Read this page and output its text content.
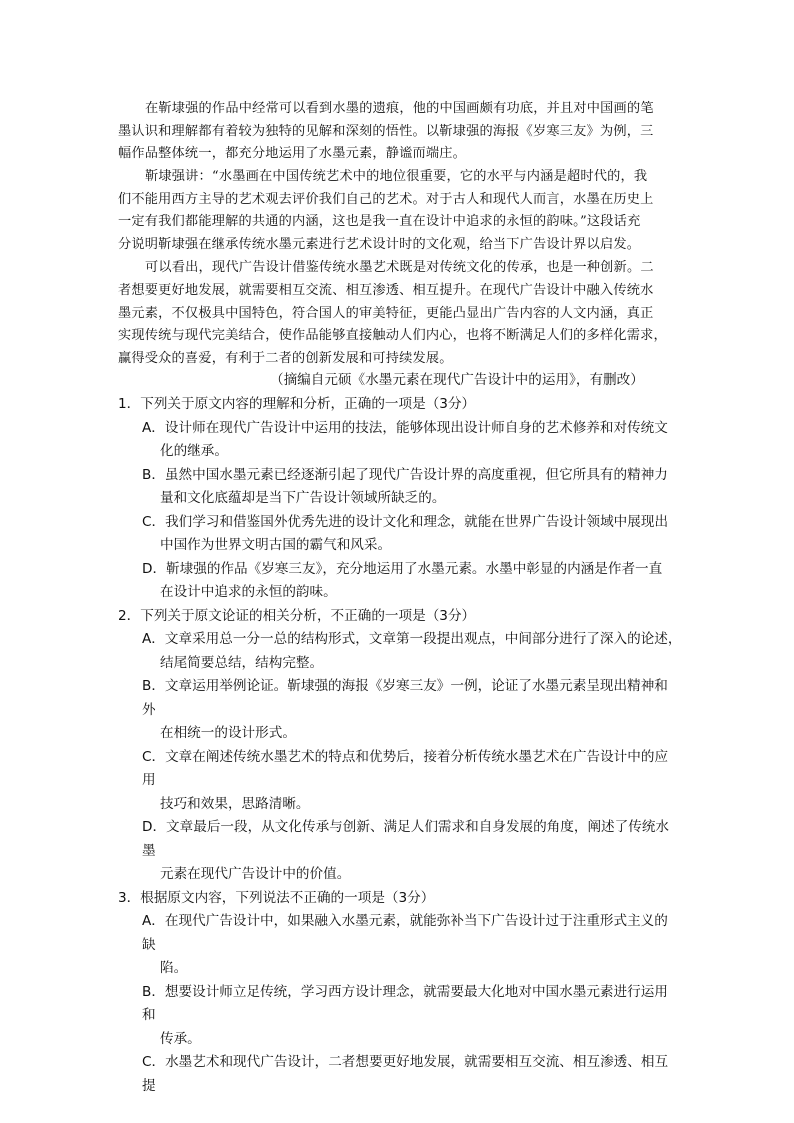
在靳埭强的作品中经常可以看到水墨的遗痕，他的中国画颇有功底，并且对中国画的笔
墨认识和理解都有着较为独特的见解和深刻的悟性。以靳埭强的海报《岁寒三友》为例，三
幅作品整体统一，都充分地运用了水墨元素，静谧而端庄。
靳埭强讲：“水墨画在中国传统艺术中的地位很重要，它的水平与内涵是超时代的，我
们不能用西方主导的艺术观去评价我们自己的艺术。对于古人和现代人而言，水墨在历史上
一定有我们都能理解的共通的内涵，这也是我一直在设计中追求的永恒的韵味。”这段话充
分说明靳埭强在继承传统水墨元素进行艺术设计时的文化观，给当下广告设计界以启发。
可以看出，现代广告设计借鉴传统水墨艺术既是对传统文化的传承，也是一种创新。二
者想要更好地发展，就需要相互交流、相互渗透、相互提升。在现代广告设计中融入传统水
墨元素，不仅极具中国特色，符合国人的审美特征，更能凸显出广告内容的人文内涵，真正
实现传统与现代完美结合，使作品能够直接触动人们内心，也将不断满足人们的多样化需求，
赢得受众的喜爱，有利于二者的创新发展和可持续发展。
（摘编自元硕《水墨元素在现代广告设计中的运用》，有删改）
1．下列关于原文内容的理解和分析，正确的一项是（3分）
A．设计师在现代广告设计中运用的技法，能够体现出设计师自身的艺术修养和对传统文
化的继承。
B．虽然中国水墨元素已经逐渐引起了现代广告设计界的高度重视，但它所具有的精神力
量和文化底蕴却是当下广告设计领域所缺乏的。
C．我们学习和借鉴国外优秀先进的设计文化和理念，就能在世界广告设计领域中展现出
中国作为世界文明古国的霸气和风采。
D．靳埭强的作品《岁寒三友》，充分地运用了水墨元素。水墨中彰显的内涵是作者一直
在设计中追求的永恒的韵味。
2．下列关于原文论证的相关分析，不正确的一项是（3分）
A．文章采用总一分一总的结构形式，文章第一段提出观点，中间部分进行了深入的论述，
结尾简要总结，结构完整。
B．文章运用举例论证。靳埭强的海报《岁寒三友》一例，论证了水墨元素呈现出精神和
外
在相统一的设计形式。
C．文章在阐述传统水墨艺术的特点和优势后，接着分析传统水墨艺术在广告设计中的应
用
技巧和效果，思路清晰。
D．文章最后一段，从文化传承与创新、满足人们需求和自身发展的角度，阐述了传统水
墨
元素在现代广告设计中的价值。
3．根据原文内容，下列说法不正确的一项是（3分）
A．在现代广告设计中，如果融入水墨元素，就能弥补当下广告设计过于注重形式主义的
缺
陷。
B．想要设计师立足传统，学习西方设计理念，就需要最大化地对中国水墨元素进行运用
和
传承。
C．水墨艺术和现代广告设计，二者想要更好地发展，就需要相互交流、相互渗透、相互
提
